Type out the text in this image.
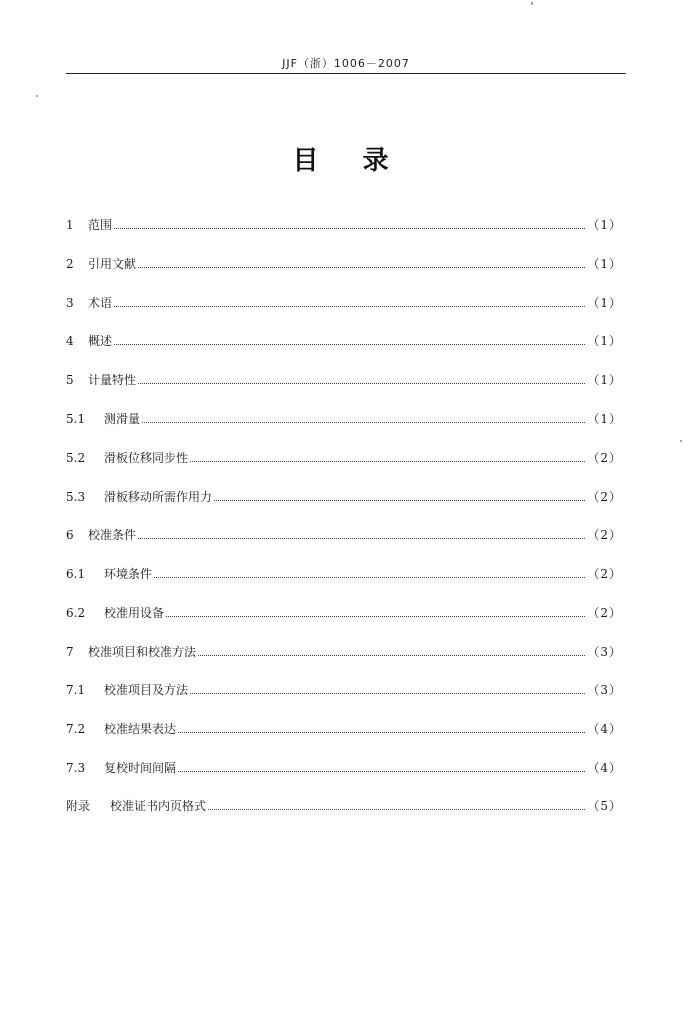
JJF（浙）1006－2007
目录
1	范围	（1）
2	引用文献	（1）
3	术语	（1）
4	概述	（1）
5	计量特性	（1）
5.1	测滑量	（1）
5.2	滑板位移同步性	（2）
5.3	滑板移动所需作用力	（2）
6	校准条件	（2）
6.1	环境条件	（2）
6.2	校准用设备	（2）
7	校准项目和校准方法	（3）
7.1	校准项目及方法	（3）
7.2	校准结果表达	（4）
7.3	复校时间间隔	（4）
附录	校准证书内页格式	（5）
